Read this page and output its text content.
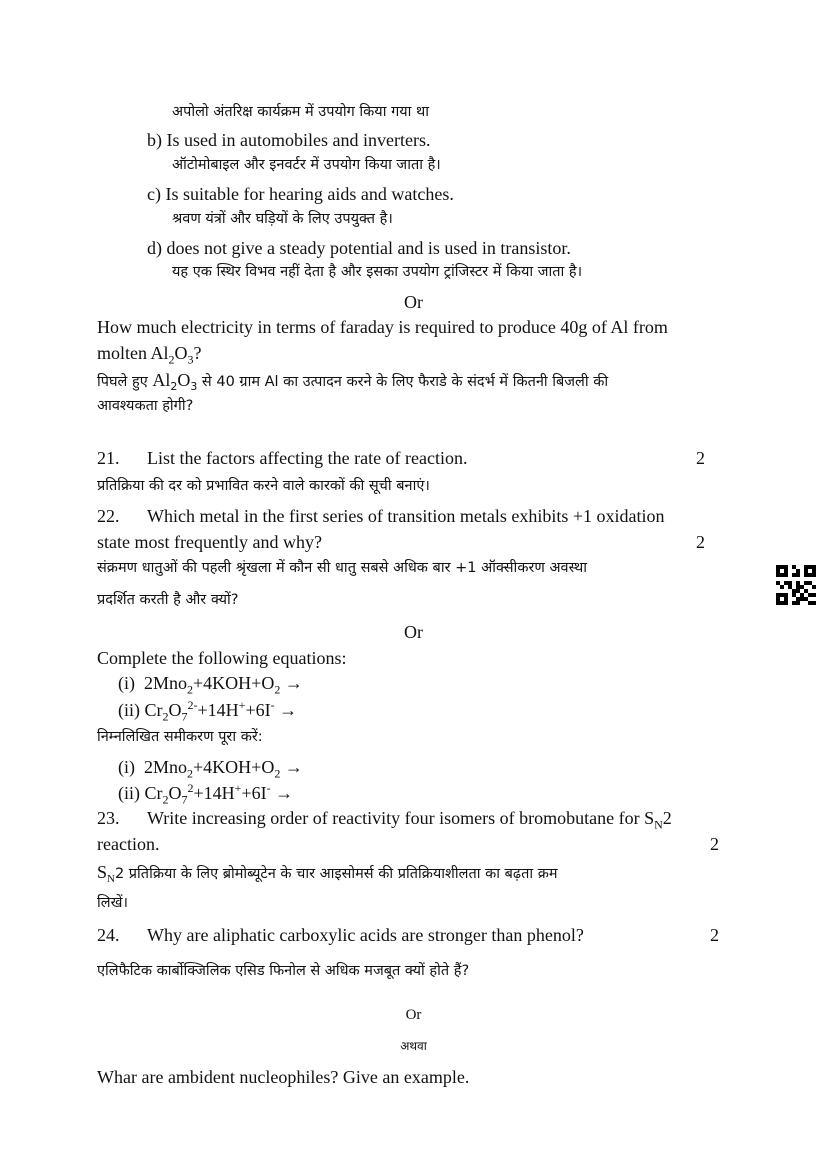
अपोलो अंतरिक्ष कार्यक्रम में उपयोग किया गया था
b) Is used in automobiles and inverters.
ऑटोमोबाइल और इनवर्टर में उपयोग किया जाता है।
c) Is suitable for hearing aids and watches.
श्रवण यंत्रों और घड़ियों के लिए उपयुक्त है।
d) does not give a steady potential and is used in transistor.
यह एक स्थिर विभव नहीं देता है और इसका उपयोग ट्रांजिस्टर में किया जाता है।
Or
How much electricity in terms of faraday is required to produce 40g of Al from
molten $Al_2O_3$?
पिघले हुए $Al_2O_3$ से 40 ग्राम Al का उत्पादन करने के लिए फैराडे के संदर्भ में कितनी बिजली की
आवश्यकता होगी?
21. List the factors affecting the rate of reaction.	2
प्रतिक्रिया की दर को प्रभावित करने वाले कारकों की सूची बनाएं।
22. Which metal in the first series of transition metals exhibits +1 oxidation
state most frequently and why?	2
संक्रमण धातुओं की पहली श्रृंखला में कौन सी धातु सबसे अधिक बार +1 ऑक्सीकरण अवस्था
प्रदर्शित करती है और क्यों?
Or
Complete the following equations:
(i) $2Mno_2+4KOH+O_2$ →
(ii) $Cr_2O_7^{2-}+14H^++6I^-$ →
निम्नलिखित समीकरण पूरा करें:
(i) $2Mno_2+4KOH+O_2$ →
(ii) $Cr_2O_7^2+14H^++6I^-$ →
23. Write increasing order of reactivity four isomers of bromobutane for $S_N2$
reaction.	2
$S_N2$ प्रतिक्रिया के लिए ब्रोमोब्यूटेन के चार आइसोमर्स की प्रतिक्रियाशीलता का बढ़ता क्रम
लिखें।
24. Why are aliphatic carboxylic acids are stronger than phenol?	2
एलिफैटिक कार्बोक्जिलिक एसिड फिनोल से अधिक मजबूत क्यों होते हैं?
Or
अथवा
Whar are ambident nucleophiles? Give an example.
